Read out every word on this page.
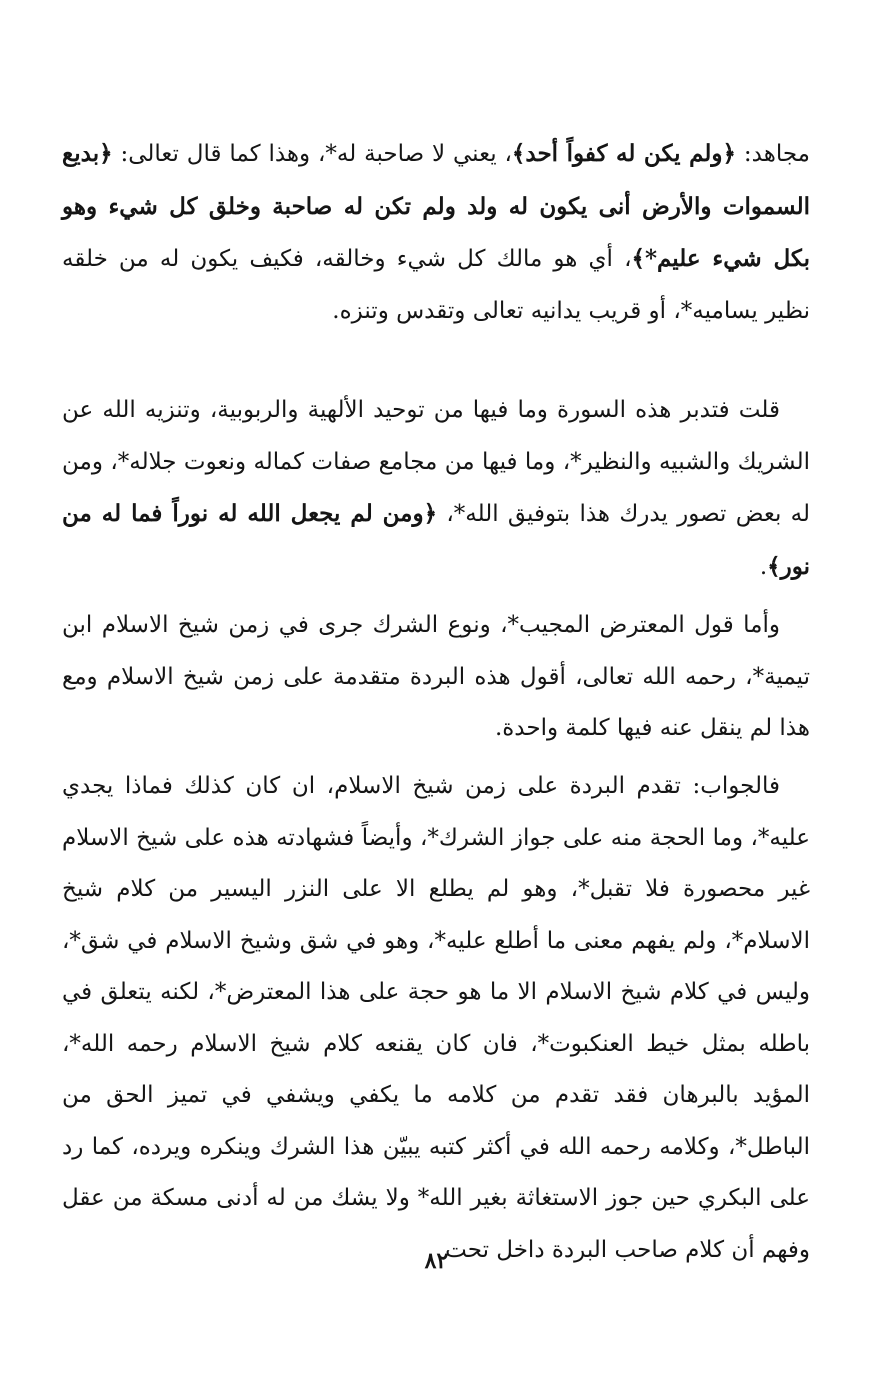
مجاهد: ﴿ولم يكن له كفواً أحد﴾، يعني لا صاحبة له*، وهذا كما قال تعالى: ﴿بديع السموات والأرض أنى يكون له ولد ولم تكن له صاحبة وخلق كل شيء وهو بكل شيء عليم*﴾، أي هو مالك كل شيء وخالقه، فكيف يكون له من خلقه نظير يساميه*، أو قريب يدانيه تعالى وتقدس وتنزه.
قلت فتدبر هذه السورة وما فيها من توحيد الألهية والربوبية، وتنزيه الله عن الشريك والشبيه والنظير*، وما فيها من مجامع صفات كماله ونعوت جلاله*، ومن له بعض تصور يدرك هذا بتوفيق الله*، ﴿ومن لم يجعل الله له نوراً فما له من نور﴾.
وأما قول المعترض المجيب*، ونوع الشرك جرى في زمن شيخ الاسلام ابن تيمية*، رحمه الله تعالى، أقول هذه البردة متقدمة على زمن شيخ الاسلام ومع هذا لم ينقل عنه فيها كلمة واحدة.
فالجواب: تقدم البردة على زمن شيخ الاسلام، ان كان كذلك فماذا يجدي عليه*، وما الحجة منه على جواز الشرك*، وأيضاً فشهادته هذه على شيخ الاسلام غير محصورة فلا تقبل*، وهو لم يطلع الا على النزر اليسير من كلام شيخ الاسلام*، ولم يفهم معنى ما أطلع عليه*، وهو في شق وشيخ الاسلام في شق*، وليس في كلام شيخ الاسلام الا ما هو حجة على هذا المعترض*، لكنه يتعلق في باطله بمثل خيط العنكبوت*، فان كان يقنعه كلام شيخ الاسلام رحمه الله*، المؤيد بالبرهان فقد تقدم من كلامه ما يكفي ويشفي في تميز الحق من الباطل*، وكلامه رحمه الله في أكثر كتبه يبيّن هذا الشرك وينكره ويرده، كما رد على البكري حين جوز الاستغاثة بغير الله* ولا يشك من له أدنى مسكة من عقل وفهم أن كلام صاحب البردة داخل تحت
٨٢
